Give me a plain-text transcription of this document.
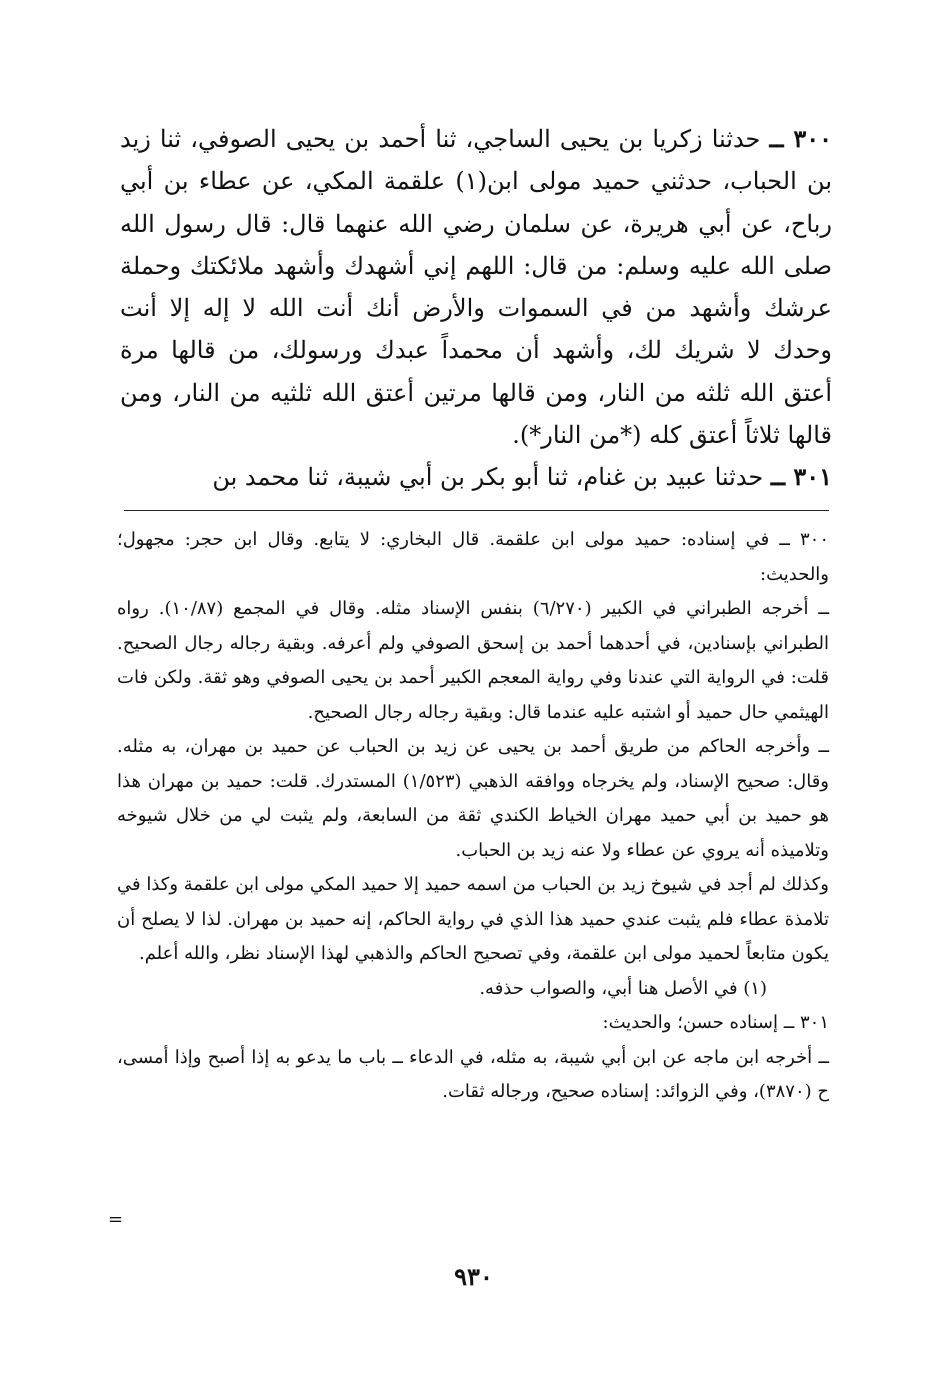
٣٠٠ ــ حدثنا زكريا بن يحيى الساجي، ثنا أحمد بن يحيى الصوفي، ثنا زيد بن الحباب، حدثني حميد مولى ابن(١) علقمة المكي، عن عطاء بن أبي رباح، عن أبي هريرة، عن سلمان رضي الله عنهما قال: قال رسول الله صلى الله عليه وسلم: من قال: اللهم إني أشهدك وأشهد ملائكتك وحملة عرشك وأشهد من في السموات والأرض أنك أنت الله لا إله إلا أنت وحدك لا شريك لك، وأشهد أن محمداً عبدك ورسولك، من قالها مرة أعتق الله ثلثه من النار، ومن قالها مرتين أعتق الله ثلثيه من النار، ومن قالها ثلاثاً أعتق كله (*من النار*).

٣٠١ ــ حدثنا عبيد بن غنام، ثنا أبو بكر بن أبي شيبة، ثنا محمد بن

٣٠٠ ــ في إسناده: حميد مولى ابن علقمة. قال البخاري: لا يتابع. وقال ابن حجر: مجهول؛ والحديث:

ــ أخرجه الطبراني في الكبير (٦/٢٧٠) بنفس الإسناد مثله. وقال في المجمع (١٠/٨٧). رواه الطبراني بإسنادين، في أحدهما أحمد بن إسحق الصوفي ولم أعرفه. وبقية رجاله رجال الصحيح. قلت: في الرواية التي عندنا وفي رواية المعجم الكبير أحمد بن يحيى الصوفي وهو ثقة. ولكن فات الهيثمي حال حميد أو اشتبه عليه عندما قال: وبقية رجاله رجال الصحيح.

ــ وأخرجه الحاكم من طريق أحمد بن يحيى عن زيد بن الحباب عن حميد بن مهران، به مثله. وقال: صحيح الإسناد، ولم يخرجاه ووافقه الذهبي (١/٥٢٣) المستدرك. قلت: حميد بن مهران هذا هو حميد بن أبي حميد مهران الخياط الكندي ثقة من السابعة، ولم يثبت لي من خلال شيوخه وتلاميذه أنه يروي عن عطاء ولا عنه زيد بن الحباب.

وكذلك لم أجد في شيوخ زيد بن الحباب من اسمه حميد إلا حميد المكي مولى ابن علقمة وكذا في تلامذة عطاء فلم يثبت عندي حميد هذا الذي في رواية الحاكم، إنه حميد بن مهران. لذا لا يصلح أن يكون متابعاً لحميد مولى ابن علقمة، وفي تصحيح الحاكم والذهبي لهذا الإسناد نظر، والله أعلم.

(١) في الأصل هنا أبي، والصواب حذفه.

٣٠١ ــ إسناده حسن؛ والحديث:

ــ أخرجه ابن ماجه عن ابن أبي شيبة، به مثله، في الدعاء ــ باب ما يدعو به إذا أصبح وإذا أمسى، ح (٣٨٧٠)، وفي الزوائد: إسناده صحيح، ورجاله ثقات.

=
٩٣٠
